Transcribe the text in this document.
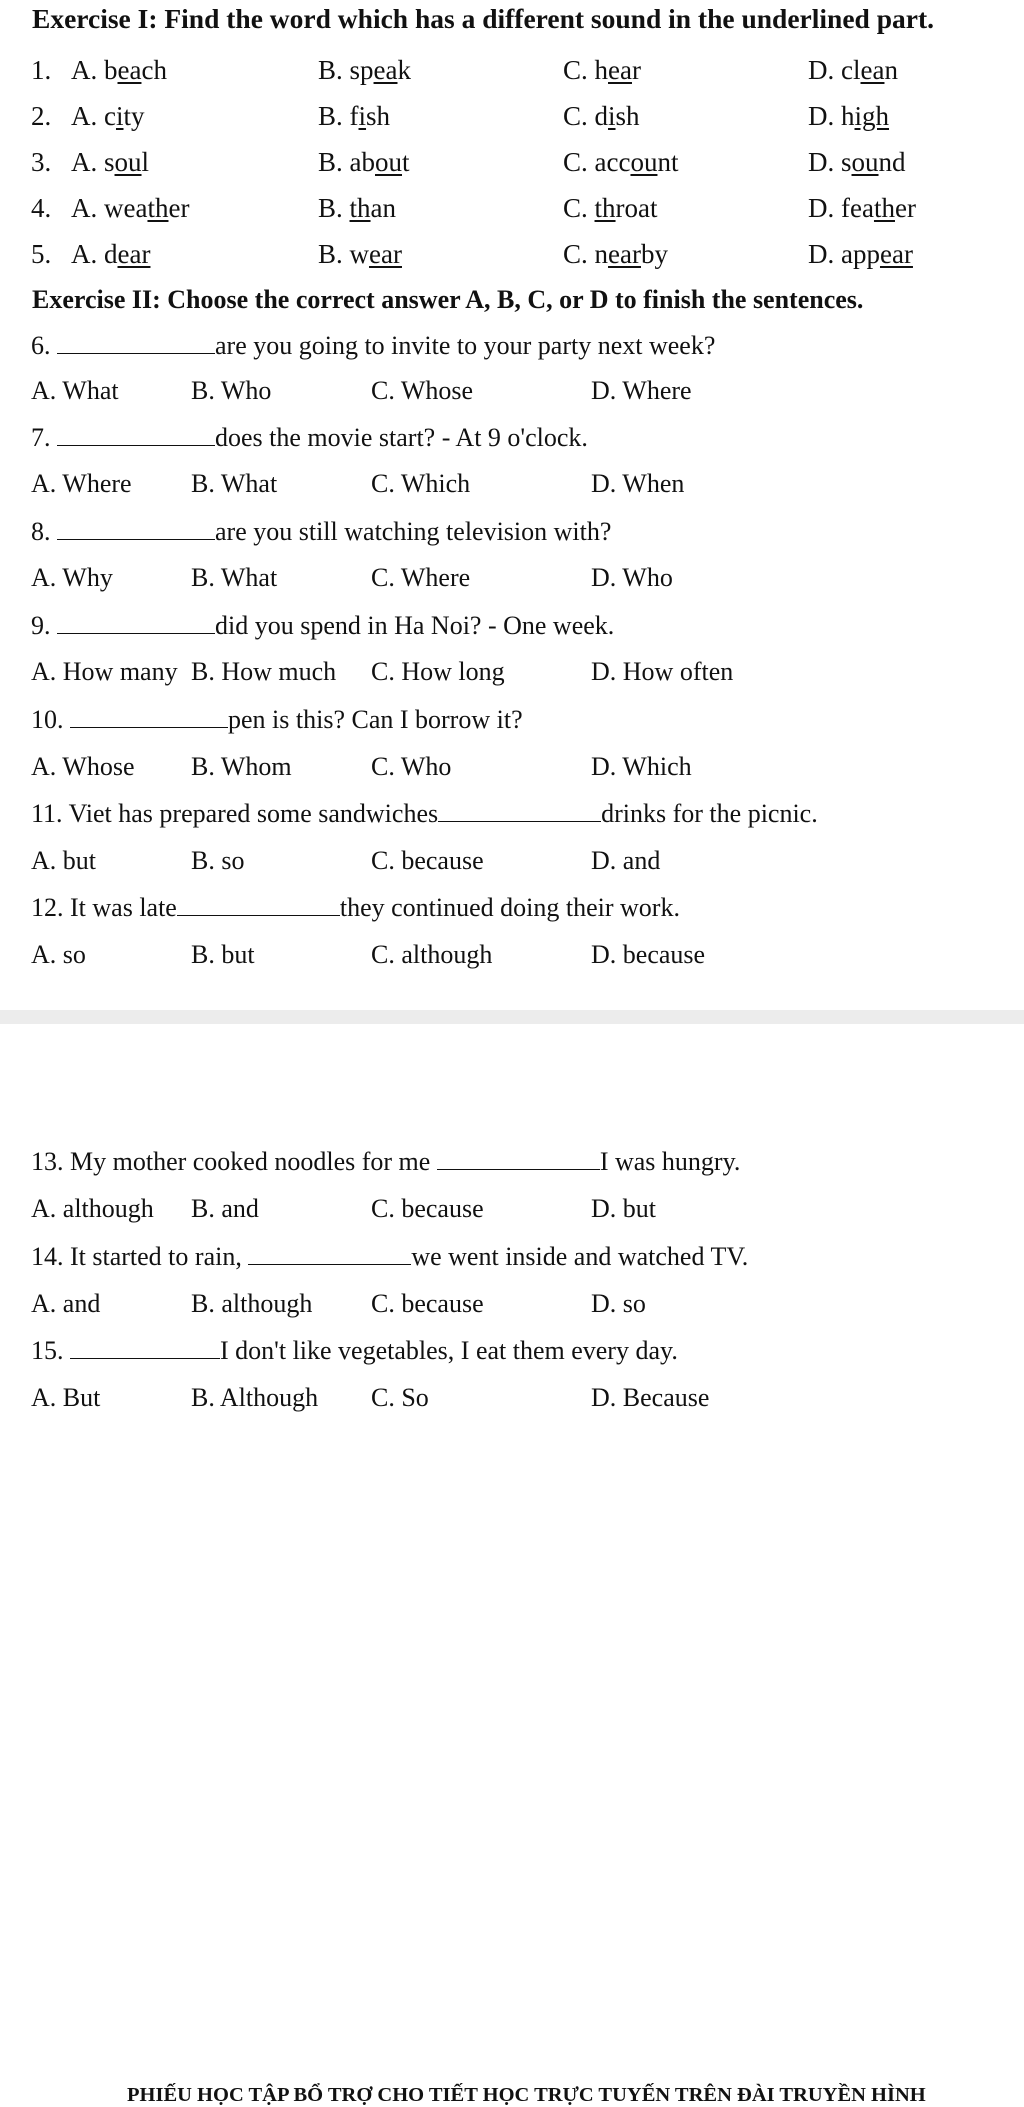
Exercise I: Find the word which has a different sound in the underlined part.
1. A. beach	B. speak	C. hear	D. clean
2. A. city	B. fish	C. dish	D. high
3. A. soul	B. about	C. account	D. sound
4. A. weather	B. than	C. throat	D. feather
5. A. dear	B. wear	C. nearby	D. appear
Exercise II: Choose the correct answer A, B, C, or D to finish the sentences.
6.	are you going to invite to your party next week?
A. What	B. Who	C. Whose	D. Where
7.	does the movie start? - At 9 o'clock.
A. Where B. What	C. Which	D. When
8.	are you still watching television with?
A. Why	B. What	C. Where	D. Who
9.	did you spend in Ha Noi? - One week.
A. How many B. How much C. How long	D. How often
10.	pen is this? Can I borrow it?
A. Whose B. Whom	C. Who	D. Which
11. Viet has prepared some sandwiches	drinks for the picnic.
A. but	B. so	C. because	D. and
12. It was late	they continued doing their work.
A. so	B. but	C. although	D. because
PHIẾU HỌC TẬP BỔ TRỢ CHO TIẾT HỌC TRỰC TUYẾN TRÊN ĐÀI TRUYỀN HÌNH
13. My mother cooked noodles for me	I was hungry.
A. although B. and	C. because	D. but
14. It started to rain,	we went inside and watched TV.
A. and	B. although C. because	D. so
15.	I don't like vegetables, I eat them every day.
A. But	B. Although C. So	D. Because
